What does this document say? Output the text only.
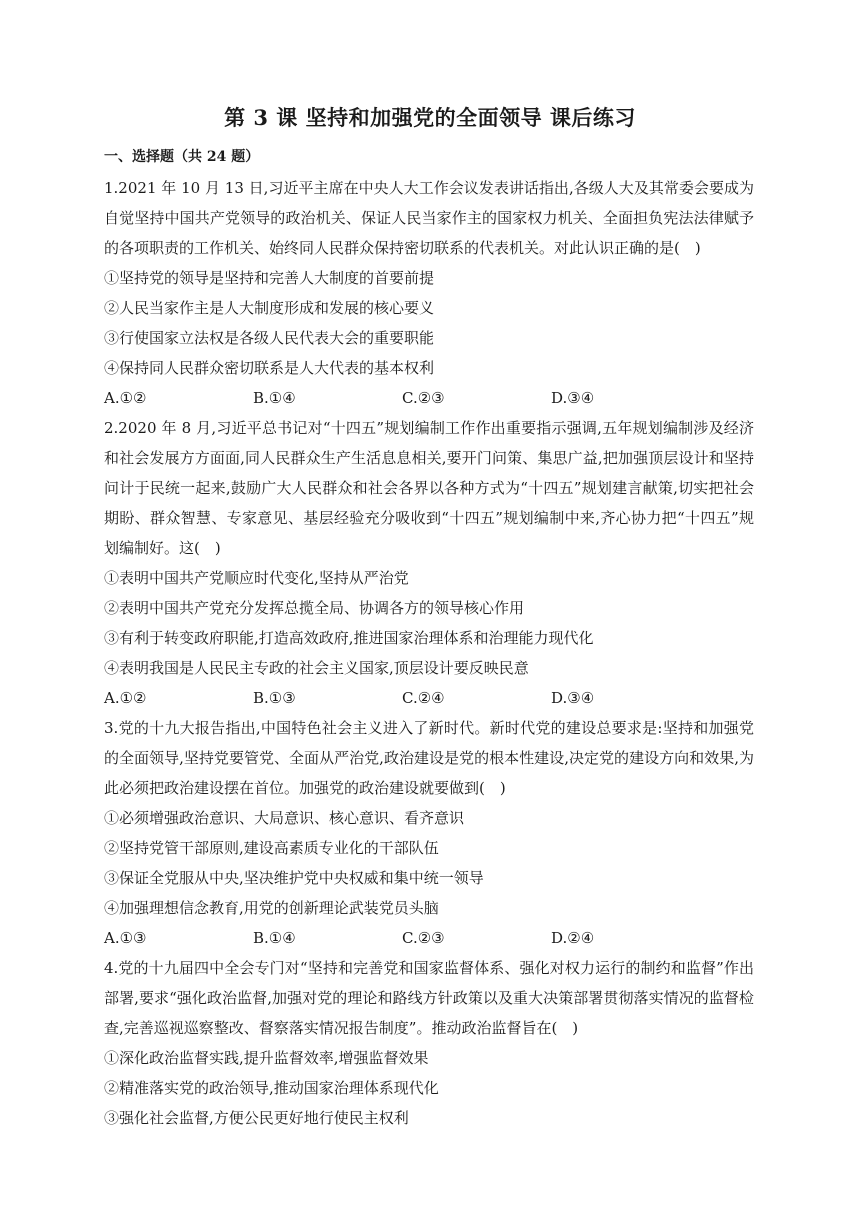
第 3 课 坚持和加强党的全面领导 课后练习
一、选择题（共 24 题）

1.2021 年 10 月 13 日,习近平主席在中央人大工作会议发表讲话指出,各级人大及其常委会要成为自觉坚持中国共产党领导的政治机关、保证人民当家作主的国家权力机关、全面担负宪法法律赋予的各项职责的工作机关、始终同人民群众保持密切联系的代表机关。对此认识正确的是(　)

①坚持党的领导是坚持和完善人大制度的首要前提

②人民当家作主是人大制度形成和发展的核心要义

③行使国家立法权是各级人民代表大会的重要职能

④保持同人民群众密切联系是人大代表的基本权利

A.①②	B.①④	C.②③	D.③④

2.2020 年 8 月,习近平总书记对“十四五”规划编制工作作出重要指示强调,五年规划编制涉及经济和社会发展方方面面,同人民群众生产生活息息相关,要开门问策、集思广益,把加强顶层设计和坚持问计于民统一起来,鼓励广大人民群众和社会各界以各种方式为“十四五”规划建言献策,切实把社会期盼、群众智慧、专家意见、基层经验充分吸收到“十四五”规划编制中来,齐心协力把“十四五”规划编制好。这(　)

①表明中国共产党顺应时代变化,坚持从严治党

②表明中国共产党充分发挥总揽全局、协调各方的领导核心作用

③有利于转变政府职能,打造高效政府,推进国家治理体系和治理能力现代化

④表明我国是人民民主专政的社会主义国家,顶层设计要反映民意

A.①②	B.①③	C.②④	D.③④

3.党的十九大报告指出,中国特色社会主义进入了新时代。新时代党的建设总要求是:坚持和加强党的全面领导,坚持党要管党、全面从严治党,政治建设是党的根本性建设,决定党的建设方向和效果,为此必须把政治建设摆在首位。加强党的政治建设就要做到(　)

①必须增强政治意识、大局意识、核心意识、看齐意识

②坚持党管干部原则,建设高素质专业化的干部队伍

③保证全党服从中央,坚决维护党中央权威和集中统一领导

④加强理想信念教育,用党的创新理论武装党员头脑

A.①③	B.①④	C.②③	D.②④

4.党的十九届四中全会专门对“坚持和完善党和国家监督体系、强化对权力运行的制约和监督”作出部署,要求“强化政治监督,加强对党的理论和路线方针政策以及重大决策部署贯彻落实情况的监督检查,完善巡视巡察整改、督察落实情况报告制度”。推动政治监督旨在(　)

①深化政治监督实践,提升监督效率,增强监督效果

②精准落实党的政治领导,推动国家治理体系现代化

③强化社会监督,方便公民更好地行使民主权利
